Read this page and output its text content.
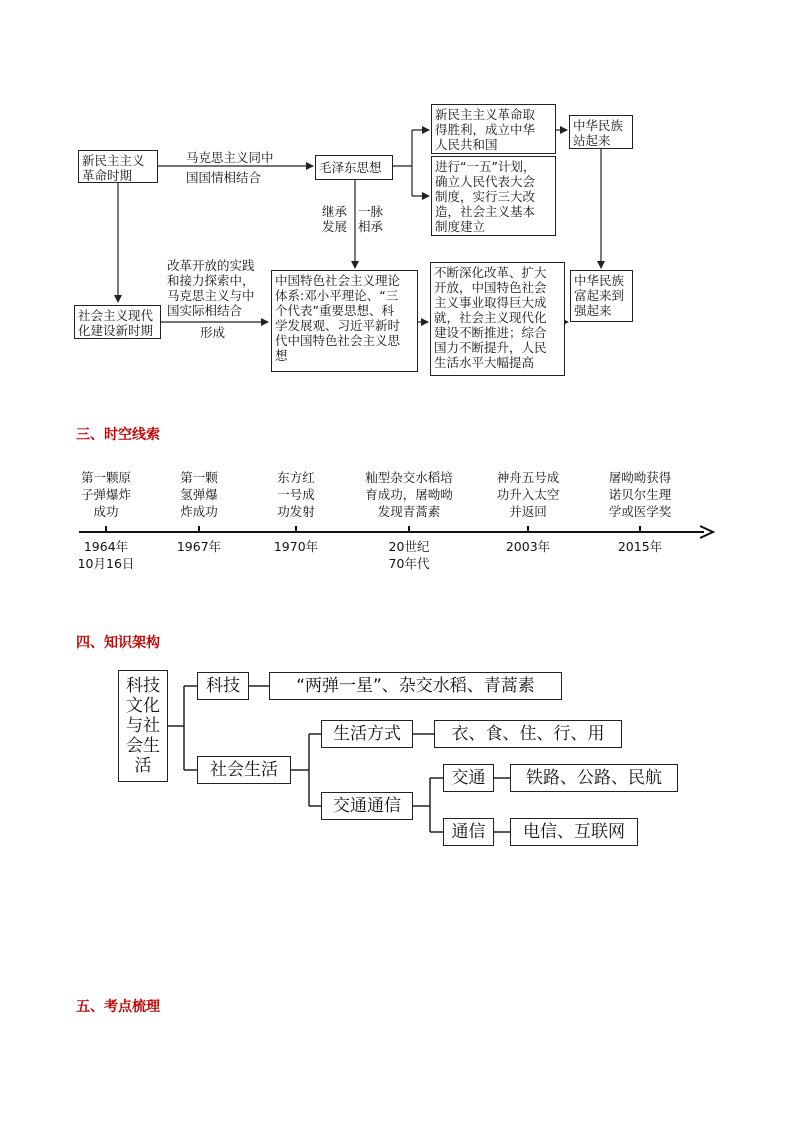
新民主主义
革命时期
马克思主义同中
国国情相结合
毛泽东思想
新民主主义革命取
得胜利，成立中华
人民共和国
进行“一五”计划，
确立人民代表大会
制度，实行三大改
造，社会主义基本
制度建立
中华民族
站起来
继承
发展
一脉
相承
改革开放的实践
和接力探索中，
马克思主义与中
国实际相结合
形成
社会主义现代
化建设新时期
中国特色社会主义理论
体系:邓小平理论、“三
个代表”重要思想、科
学发展观、习近平新时
代中国特色社会主义思
想
不断深化改革、扩大
开放，中国特色社会
主义事业取得巨大成
就，社会主义现代化
建设不断推进；综合
国力不断提升，人民
生活水平大幅提高
中华民族
富起来到
强起来
三、时空线索
第一颗原
子弹爆炸
成功
第一颗
氢弹爆
炸成功
东方红
一号成
功发射
籼型杂交水稻培
育成功，屠呦呦
发现青蒿素
神舟五号成
功升入太空
并返回
屠呦呦获得
诺贝尔生理
学或医学奖
1964年
10月16日
1967年	1970年	20世纪
70年代
2003年	2015年
四、知识架构
科技
文化
与社
会生
活
科技	“两弹一星”、杂交水稻、青蒿素
社会生活
生活方式	衣、食、住、行、用
交通通信
交通	铁路、公路、民航
通信	电信、互联网
五、考点梳理
